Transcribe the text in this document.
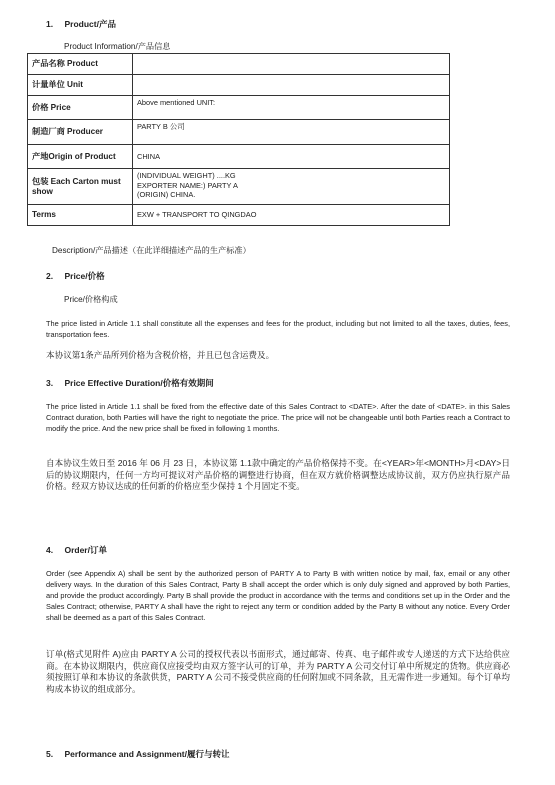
1. Product/产品
Product Information/产品信息
产品名称 Product	
计量单位 Unit	
价格 Price	Above mentioned UNIT:
制造厂商 Producer	PARTY B 公司
产地Origin of Product	CHINA
包装 Each Carton must show	(INDIVIDUAL WEIGHT) ....KG
EXPORTER NAME:) PARTY A
(ORIGIN) CHINA.
Terms	EXW + TRANSPORT TO QINGDAO
Description/产品描述（在此详细描述产品的生产标准）
2. Price/价格
Price/价格构成
The price listed in Article 1.1 shall constitute all the expenses and fees for the product, including but not limited to all the taxes, duties, fees, transportation fees.
本协议第1条产品所列价格为含税价格，并且已包含运费及。
3. Price Effective Duration/价格有效期间
The price listed in Article 1.1 shall be fixed from the effective date of this Sales Contract to <DATE>. After the date of <DATE>. in this Sales Contract duration, both Parties will have the right to negotiate the price. The price will not be changeable until both Parties reach a Contract to modify the price. And the new price shall be fixed in following 1 months.
自本协议生效日至 2016 年 06 月 23 日，本协议第 1.1款中确定的产品价格保持不变。在<YEAR>年<MONTH>月<DAY>日后的协议期限内，任何一方均可提议对产品价格的调整进行协商，但在双方就价格调整达成协议前，双方仍应执行原产品价格。经双方协议达成的任何新的价格应至少保持 1 个月固定不变。
4. Order/订单
Order (see Appendix A) shall be sent by the authorized person of PARTY A to Party B with written notice by mail, fax, email or any other delivery ways. In the duration of this Sales Contract, Party B shall accept the order which is only duly signed and approved by both Parties, and provide the product accordingly. Party B shall provide the product in accordance with the terms and conditions set up in the Order and the Sales Contract; otherwise, PARTY A shall have the right to reject any term or condition added by the Party B without any notice. Every Order shall be deemed as a part of this Sales Contract.
订单(格式见附件 A)应由 PARTY A 公司的授权代表以书面形式，通过邮寄、传真、电子邮件或专人递送的方式下达给供应商。在本协议期限内，供应商仅应接受均由双方签字认可的订单，并为 PARTY A 公司交付订单中所规定的货物。供应商必须按照订单和本协议的条款供货，PARTY A 公司不接受供应商的任何附加或不同条款，且无需作进一步通知。每个订单均构成本协议的组成部分。
5. Performance and Assignment/履行与转让
